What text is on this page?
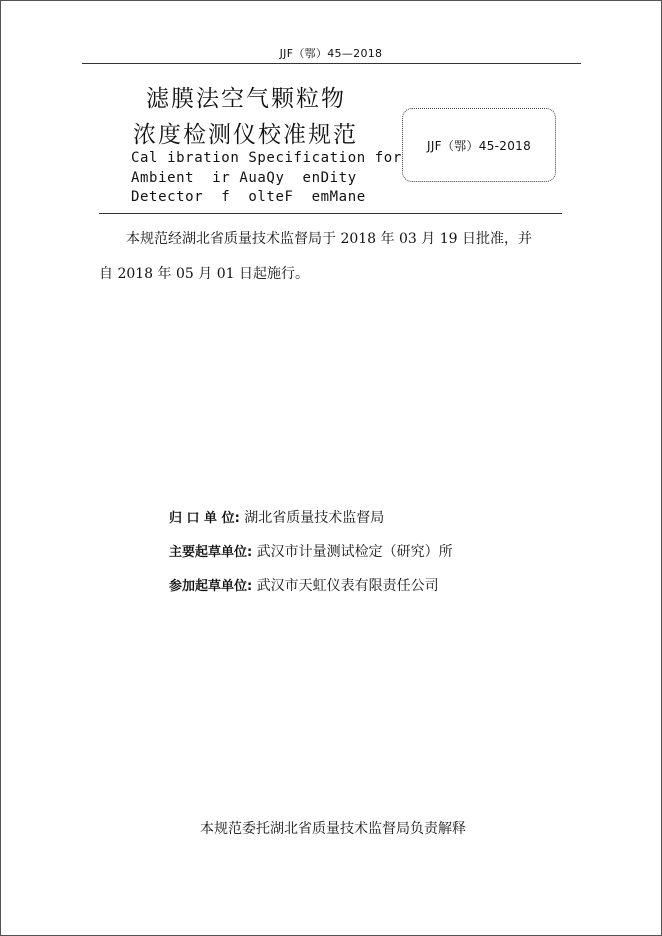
JJF（鄂）45—2018
滤膜法空气颗粒物
浓度检测仪校准规范
Cal ibration Specification for
Ambient  ir AuaQy  enDity
Detector  f  olteF  emMane
JJF（鄂）45-2018
本规范经湖北省质量技术监督局于 2018 年 03 月 19 日批准，并
自 2018 年 05 月 01 日起施行。
归 口 单 位: 湖北省质量技术监督局
主要起草单位: 武汉市计量测试检定（研究）所
参加起草单位: 武汉市天虹仪表有限责任公司
本规范委托湖北省质量技术监督局负责解释
